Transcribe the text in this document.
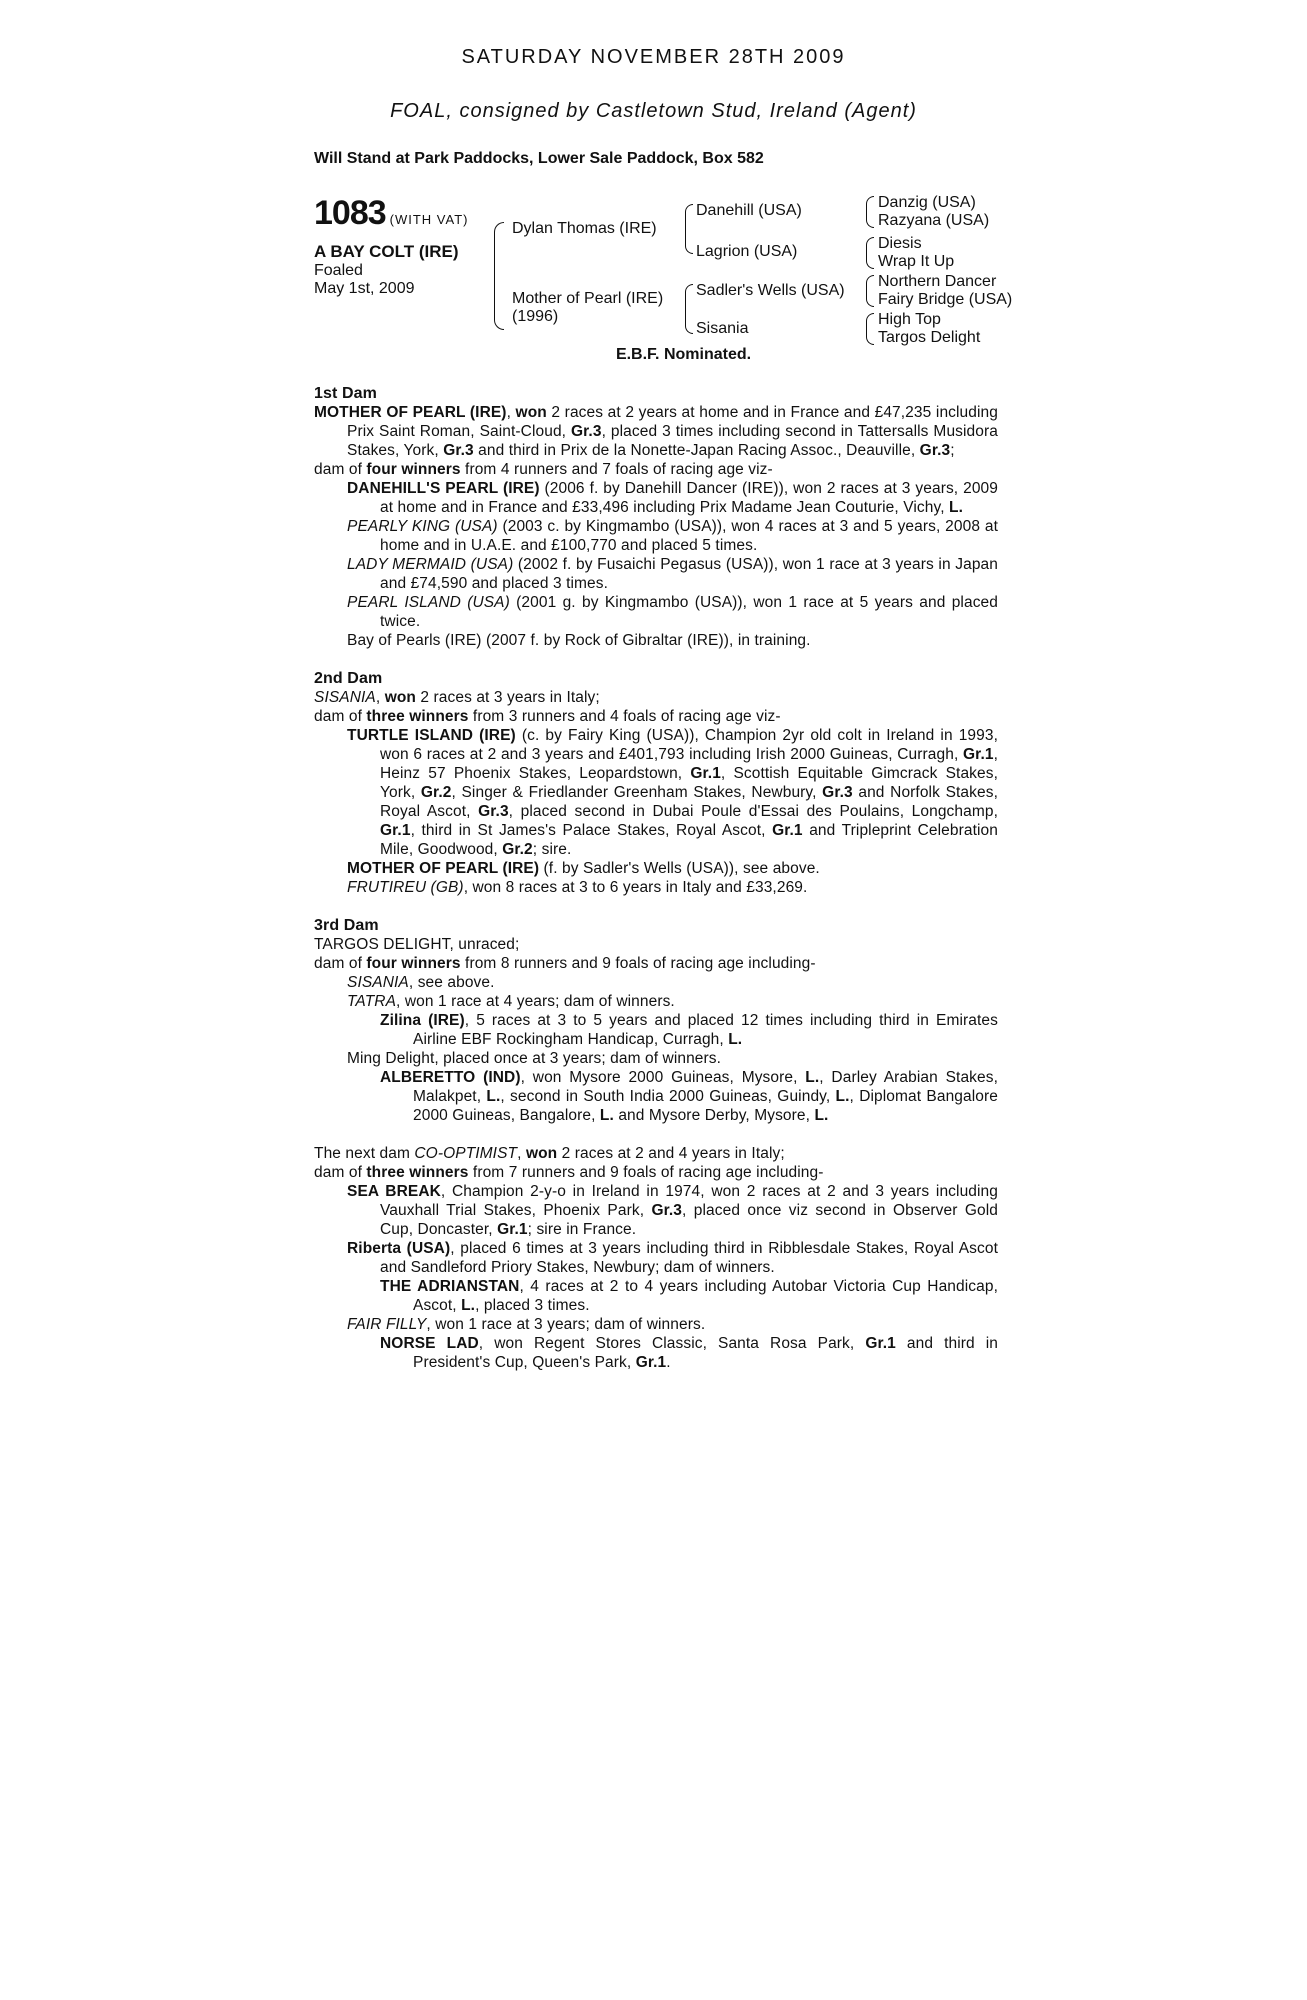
SATURDAY NOVEMBER 28TH 2009
FOAL, consigned by Castletown Stud, Ireland (Agent)
Will Stand at Park Paddocks, Lower Sale Paddock, Box 582
1083 (WITH VAT)
A BAY COLT (IRE)
Foaled
May 1st, 2009
Dylan Thomas (IRE)
Mother of Pearl (IRE)
(1996)
Danehill (USA)
Lagrion (USA)
Sadler's Wells (USA)
Sisania
Danzig (USA)
Razyana (USA)
Diesis
Wrap It Up
Northern Dancer
Fairy Bridge (USA)
High Top
Targos Delight
E.B.F. Nominated.
1st Dam

MOTHER OF PEARL (IRE), won 2 races at 2 years at home and in France and £47,235 including Prix Saint Roman, Saint-Cloud, Gr.3, placed 3 times including second in Tattersalls Musidora Stakes, York, Gr.3 and third in Prix de la Nonette-Japan Racing Assoc., Deauville, Gr.3;

dam of four winners from 4 runners and 7 foals of racing age viz-

DANEHILL'S PEARL (IRE) (2006 f. by Danehill Dancer (IRE)), won 2 races at 3 years, 2009 at home and in France and £33,496 including Prix Madame Jean Couturie, Vichy, L.

PEARLY KING (USA) (2003 c. by Kingmambo (USA)), won 4 races at 3 and 5 years, 2008 at home and in U.A.E. and £100,770 and placed 5 times.

LADY MERMAID (USA) (2002 f. by Fusaichi Pegasus (USA)), won 1 race at 3 years in Japan and £74,590 and placed 3 times.

PEARL ISLAND (USA) (2001 g. by Kingmambo (USA)), won 1 race at 5 years and placed twice.

Bay of Pearls (IRE) (2007 f. by Rock of Gibraltar (IRE)), in training.

2nd Dam

SISANIA, won 2 races at 3 years in Italy;

dam of three winners from 3 runners and 4 foals of racing age viz-

TURTLE ISLAND (IRE) (c. by Fairy King (USA)), Champion 2yr old colt in Ireland in 1993, won 6 races at 2 and 3 years and £401,793 including Irish 2000 Guineas, Curragh, Gr.1, Heinz 57 Phoenix Stakes, Leopardstown, Gr.1, Scottish Equitable Gimcrack Stakes, York, Gr.2, Singer & Friedlander Greenham Stakes, Newbury, Gr.3 and Norfolk Stakes, Royal Ascot, Gr.3, placed second in Dubai Poule d'Essai des Poulains, Longchamp, Gr.1, third in St James's Palace Stakes, Royal Ascot, Gr.1 and Tripleprint Celebration Mile, Goodwood, Gr.2; sire.

MOTHER OF PEARL (IRE) (f. by Sadler's Wells (USA)), see above.

FRUTIREU (GB), won 8 races at 3 to 6 years in Italy and £33,269.

3rd Dam

TARGOS DELIGHT, unraced;

dam of four winners from 8 runners and 9 foals of racing age including-

SISANIA, see above.

TATRA, won 1 race at 4 years; dam of winners.

Zilina (IRE), 5 races at 3 to 5 years and placed 12 times including third in Emirates Airline EBF Rockingham Handicap, Curragh, L.

Ming Delight, placed once at 3 years; dam of winners.

ALBERETTO (IND), won Mysore 2000 Guineas, Mysore, L., Darley Arabian Stakes, Malakpet, L., second in South India 2000 Guineas, Guindy, L., Diplomat Bangalore 2000 Guineas, Bangalore, L. and Mysore Derby, Mysore, L.

The next dam CO-OPTIMIST, won 2 races at 2 and 4 years in Italy;

dam of three winners from 7 runners and 9 foals of racing age including-

SEA BREAK, Champion 2-y-o in Ireland in 1974, won 2 races at 2 and 3 years including Vauxhall Trial Stakes, Phoenix Park, Gr.3, placed once viz second in Observer Gold Cup, Doncaster, Gr.1; sire in France.

Riberta (USA), placed 6 times at 3 years including third in Ribblesdale Stakes, Royal Ascot and Sandleford Priory Stakes, Newbury; dam of winners.

THE ADRIANSTAN, 4 races at 2 to 4 years including Autobar Victoria Cup Handicap, Ascot, L., placed 3 times.

FAIR FILLY, won 1 race at 3 years; dam of winners.

NORSE LAD, won Regent Stores Classic, Santa Rosa Park, Gr.1 and third in President's Cup, Queen's Park, Gr.1.
